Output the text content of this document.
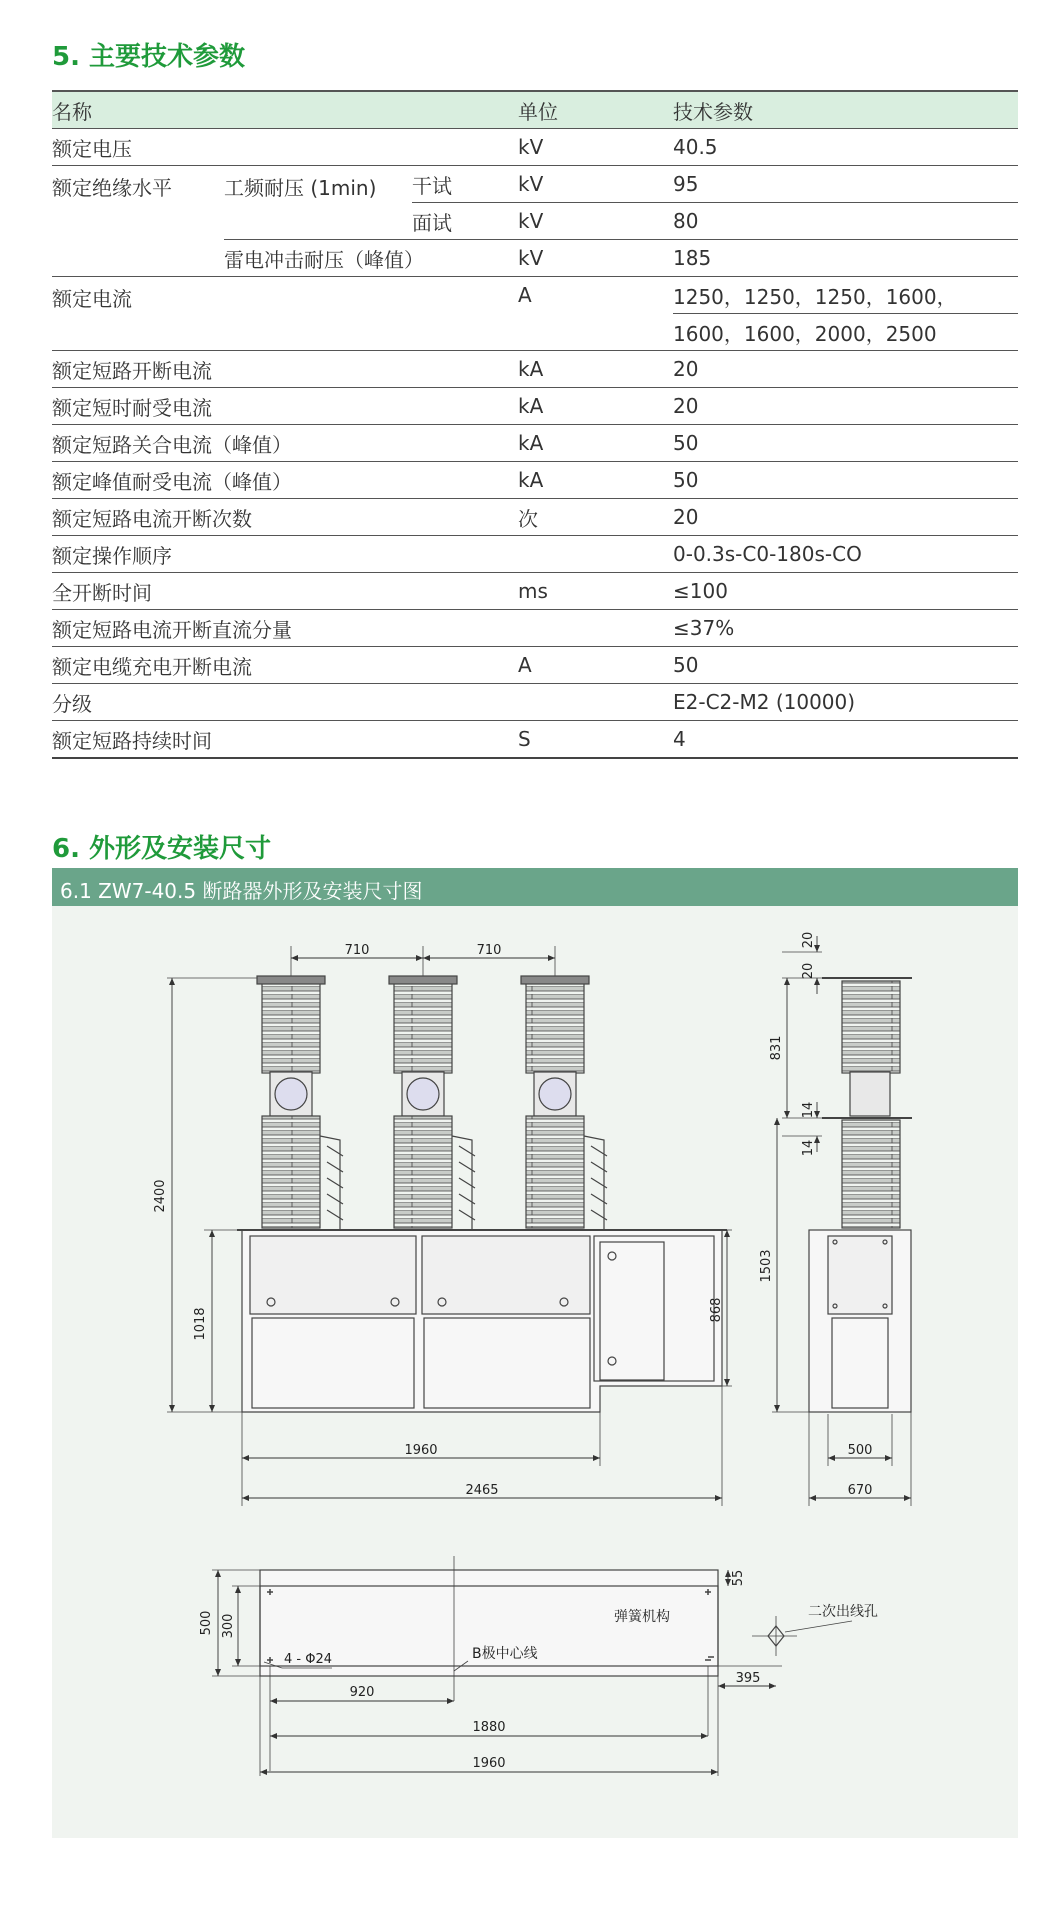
5. 主要技术参数
名称			单位	技术参数
额定电压			kV	40.5
额定绝缘水平	工频耐压 (1min)	干试	kV	95
		面试	kV	80
	雷电冲击耐压（峰值）		kV	185
额定电流			A	1250，1250，1250，1600，
				1600，1600，2000，2500
额定短路开断电流			kA	20
额定短时耐受电流			kA	20
额定短路关合电流（峰值）			kA	50
额定峰值耐受电流（峰值）			kA	50
额定短路电流开断次数			次	20
额定操作顺序				0-0.3s-C0-180s-CO
全开断时间			ms	≤100
额定短路电流开断直流分量				≤37%
额定电缆充电开断电流			A	50
分级				E2-C2-M2 (10000)
额定短路持续时间			S	4
6. 外形及安装尺寸
6.1 ZW7-40.5 断路器外形及安装尺寸图
710	710
2400
1018	868
1960
2465
20
20
831
14
14
1503
500
670
500 300
55
920
1880
1960
395
4 - Φ24	B极中心线
弹簧机构	二次出线孔
